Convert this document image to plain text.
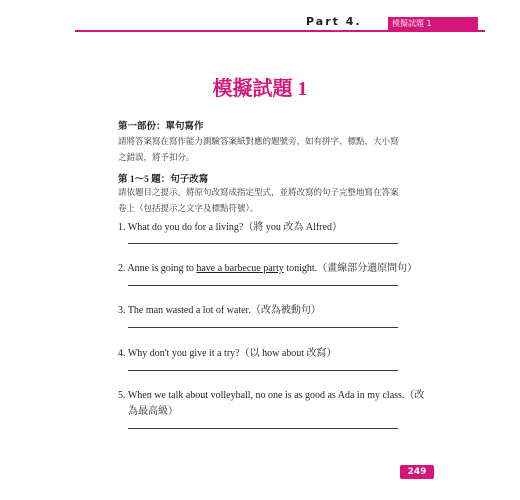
Part 4.	模擬試題 1
模擬試題 1
第一部份：單句寫作
請將答案寫在寫作能力測驗答案紙對應的題號旁，如有拼字、標點、大小寫之錯誤，將予扣分。
第 1～5 題：句子改寫
請依題目之提示，將原句改寫成指定型式，並將改寫的句子完整地寫在答案卷上（包括提示之文字及標點符號）。
1. What do you do for a living?（將 you 改為 Alfred）
2. Anne is going to have a barbecue party tonight.（畫線部分遺原問句）
3. The man wasted a lot of water.（改為被動句）
4. Why don't you give it a try?（以 how about 改寫）
5. When we talk about volleyball, no one is as good as Ada in my class.（改
為最高級）
249
